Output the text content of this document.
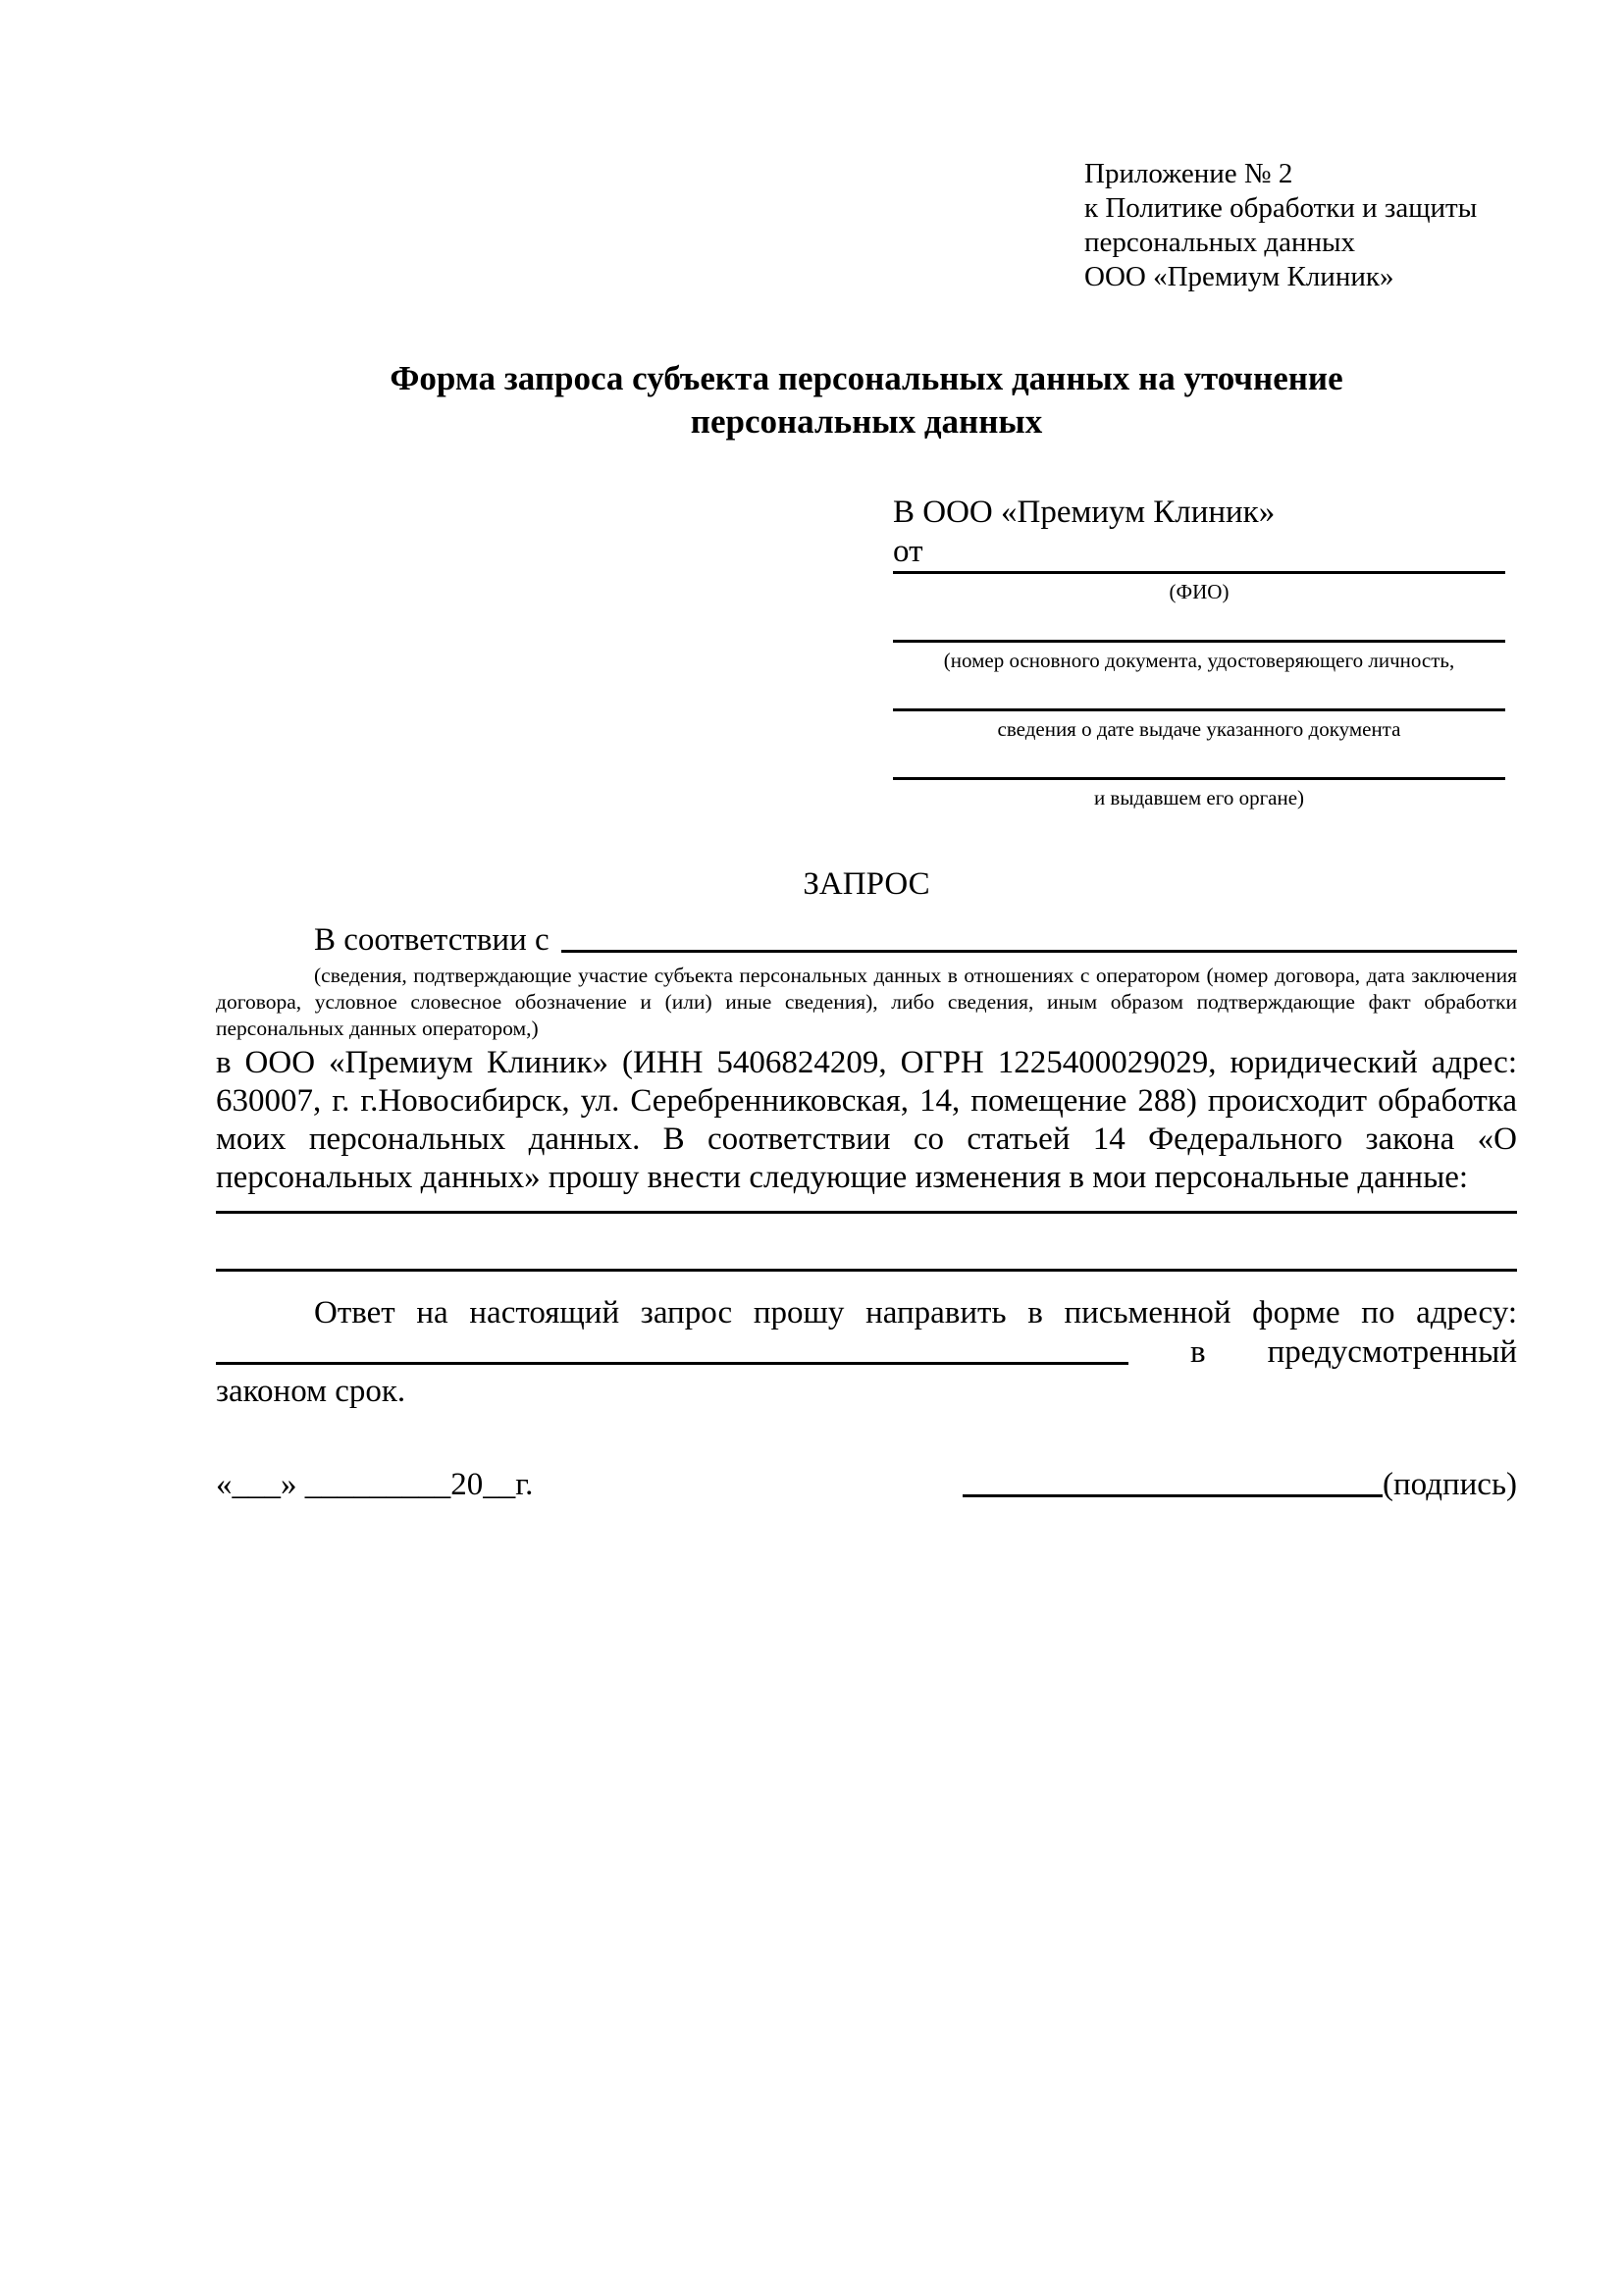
Приложение № 2
к Политике обработки и защиты
персональных данных
ООО «Премиум Клиник»
Форма запроса субъекта персональных данных на уточнение
персональных данных
В ООО «Премиум Клиник»
от
(ФИО)
(номер основного документа, удостоверяющего личность,
сведения о дате выдаче указанного документа
и выдавшем его органе)
ЗАПРОС
В соответствии с
(сведения, подтверждающие участие субъекта персональных данных в отношениях с оператором (номер договора, дата заключения договора, условное словесное обозначение и (или) иные сведения), либо сведения, иным образом подтверждающие факт обработки персональных данных оператором,)
в ООО «Премиум Клиник» (ИНН 5406824209, ОГРН 1225400029029, юридический адрес: 630007, г. г.Новосибирск, ул. Серебренниковская, 14, помещение 288) происходит обработка моих персональных данных. В соответствии со статьей 14 Федерального закона «О персональных данных» прошу внести следующие изменения в мои персональные данные:
Ответ на настоящий запрос прошу направить в письменной форме по адресу:
в предусмотренный
законом срок.
«___» _________20__г.	(подпись)
